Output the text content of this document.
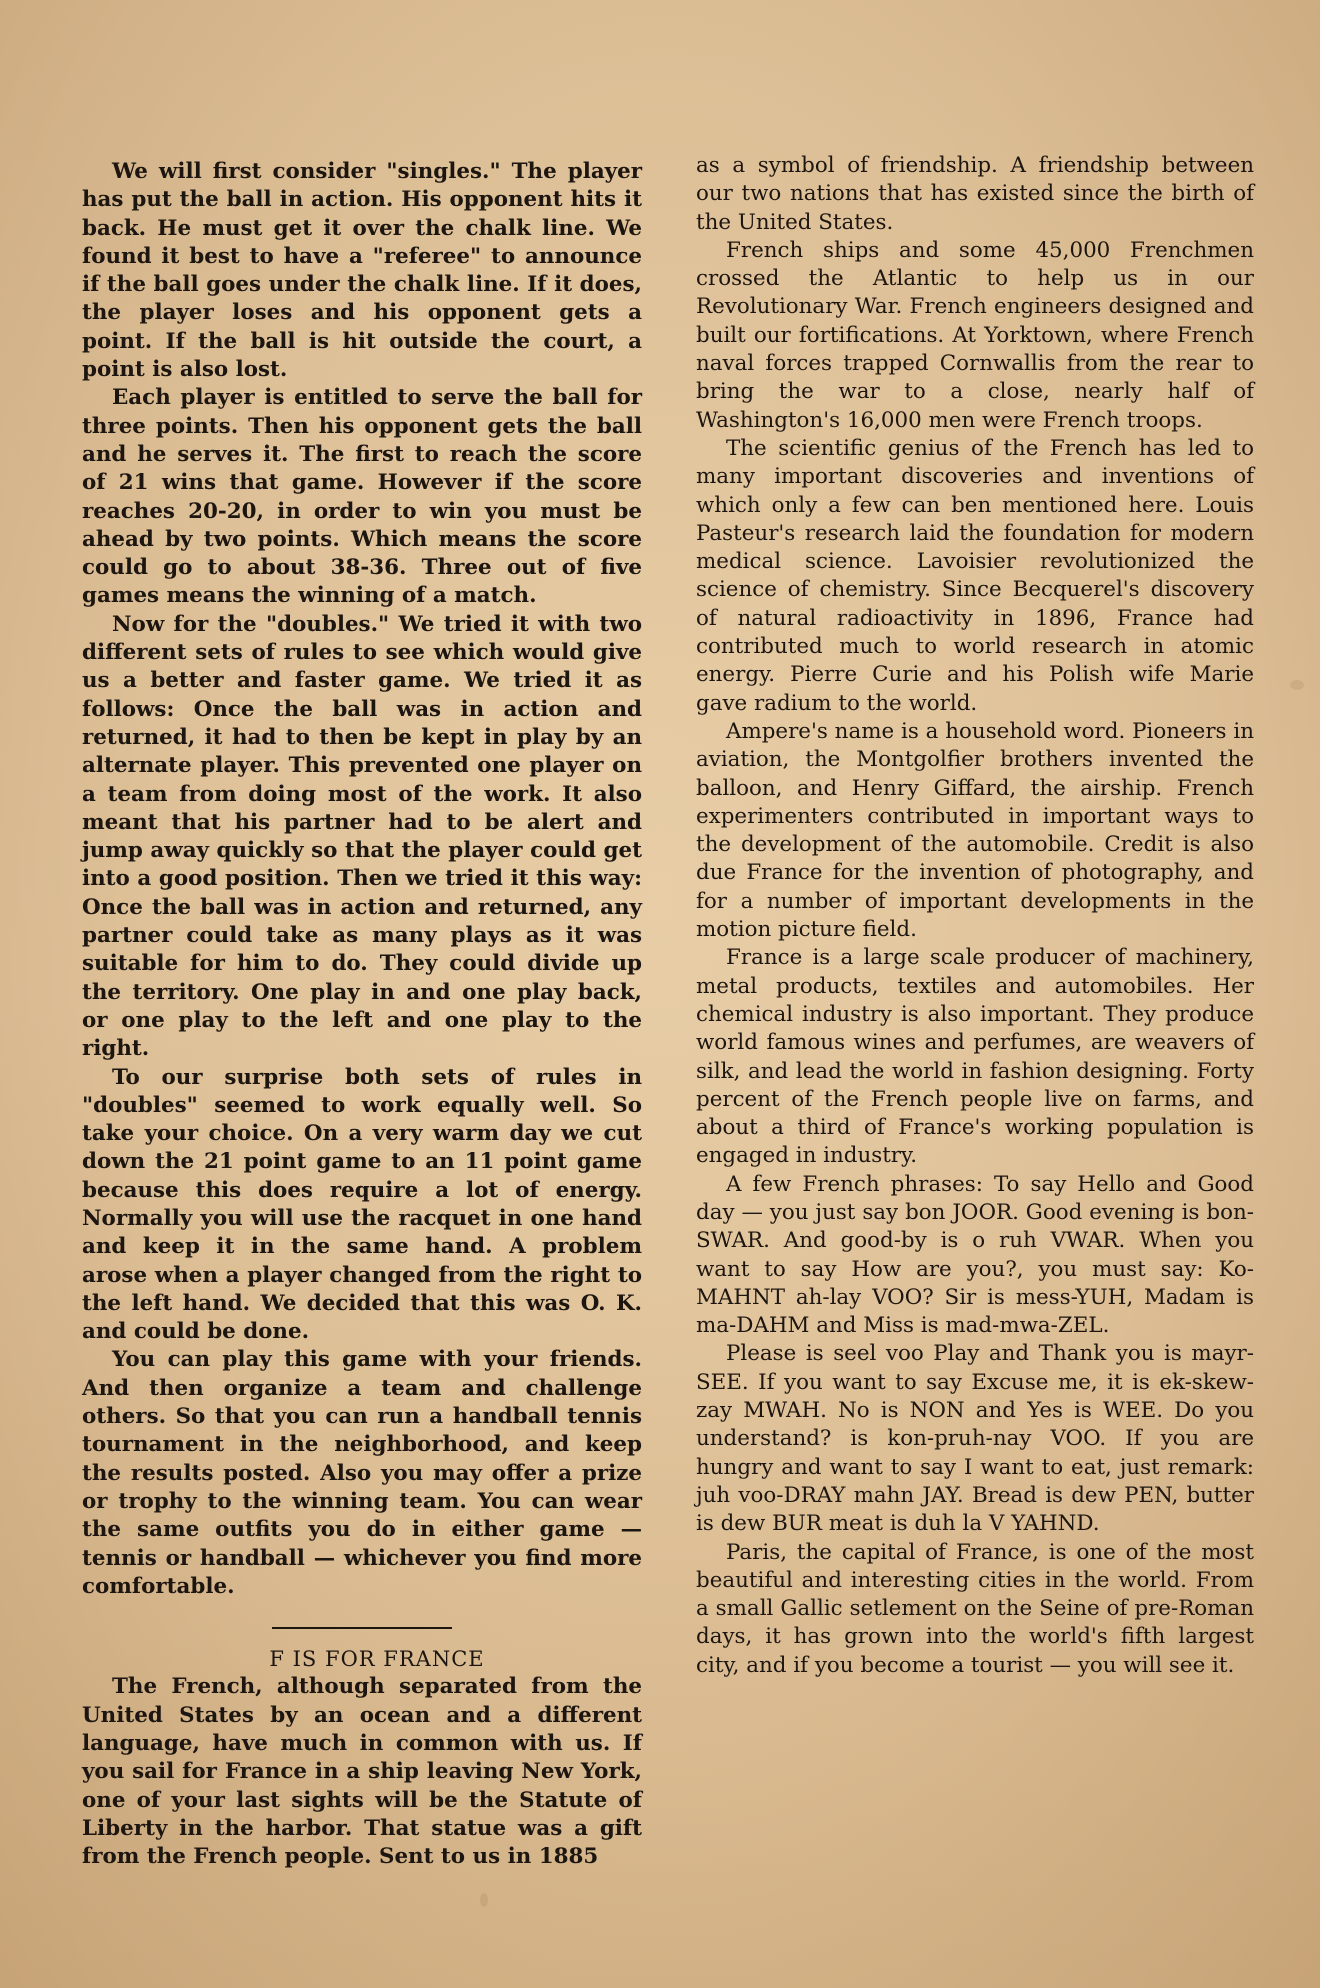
We will first consider "singles." The player has put the ball in action. His opponent hits it back. He must get it over the chalk line. We found it best to have a "referee" to announce if the ball goes under the chalk line. If it does, the player loses and his opponent gets a point. If the ball is hit outside the court, a point is also lost.

Each player is entitled to serve the ball for three points. Then his opponent gets the ball and he serves it. The first to reach the score of 21 wins that game. However if the score reaches 20-20, in order to win you must be ahead by two points. Which means the score could go to about 38-36. Three out of five games means the winning of a match.

Now for the "doubles." We tried it with two different sets of rules to see which would give us a better and faster game. We tried it as follows: Once the ball was in action and returned, it had to then be kept in play by an alternate player. This prevented one player on a team from doing most of the work. It also meant that his partner had to be alert and jump away quickly so that the player could get into a good position. Then we tried it this way: Once the ball was in action and returned, any partner could take as many plays as it was suitable for him to do. They could divide up the territory. One play in and one play back, or one play to the left and one play to the right.

To our surprise both sets of rules in "doubles" seemed to work equally well. So take your choice. On a very warm day we cut down the 21 point game to an 11 point game because this does require a lot of energy. Normally you will use the racquet in one hand and keep it in the same hand. A problem arose when a player changed from the right to the left hand. We decided that this was O. K. and could be done.

You can play this game with your friends. And then organize a team and challenge others. So that you can run a handball tennis tournament in the neighborhood, and keep the results posted. Also you may offer a prize or trophy to the winning team. You can wear the same outfits you do in either game — tennis or handball — whichever you find more comfortable.

F IS FOR FRANCE

The French, although separated from the United States by an ocean and a different language, have much in common with us. If you sail for France in a ship leaving New York, one of your last sights will be the Statute of Liberty in the harbor. That statue was a gift from the French people. Sent to us in 1885

as a symbol of friendship. A friendship between our two nations that has existed since the birth of the United States.

French ships and some 45,000 Frenchmen crossed the Atlantic to help us in our Revolutionary War. French engineers designed and built our fortifications. At Yorktown, where French naval forces trapped Cornwallis from the rear to bring the war to a close, nearly half of Washington's 16,000 men were French troops.

The scientific genius of the French has led to many important discoveries and inventions of which only a few can ben mentioned here. Louis Pasteur's research laid the foundation for modern medical science. Lavoisier revolutionized the science of chemistry. Since Becquerel's discovery of natural radioactivity in 1896, France had contributed much to world research in atomic energy. Pierre Curie and his Polish wife Marie gave radium to the world.

Ampere's name is a household word. Pioneers in aviation, the Montgolfier brothers invented the balloon, and Henry Giffard, the airship. French experimenters contributed in important ways to the development of the automobile. Credit is also due France for the invention of photography, and for a number of important developments in the motion picture field.

France is a large scale producer of machinery, metal products, textiles and automobiles. Her chemical industry is also important. They produce world famous wines and perfumes, are weavers of silk, and lead the world in fashion designing. Forty percent of the French people live on farms, and about a third of France's working population is engaged in industry.

A few French phrases: To say Hello and Good day — you just say bon JOOR. Good evening is bon-SWAR. And good-by is o ruh VWAR. When you want to say How are you?, you must say: Ko-MAHNT ah-lay VOO? Sir is mess-YUH, Madam is ma-DAHM and Miss is mad-mwa-ZEL.

Please is seel voo Play and Thank you is mayr-SEE. If you want to say Excuse me, it is ek-skew-zay MWAH. No is NON and Yes is WEE. Do you understand? is kon-pruh-nay VOO. If you are hungry and want to say I want to eat, just remark: juh voo-DRAY mahn JAY. Bread is dew PEN, butter is dew BUR meat is duh la V YAHND.

Paris, the capital of France, is one of the most beautiful and interesting cities in the world. From a small Gallic setlement on the Seine of pre-Roman days, it has grown into the world's fifth largest city, and if you become a tourist — you will see it.
